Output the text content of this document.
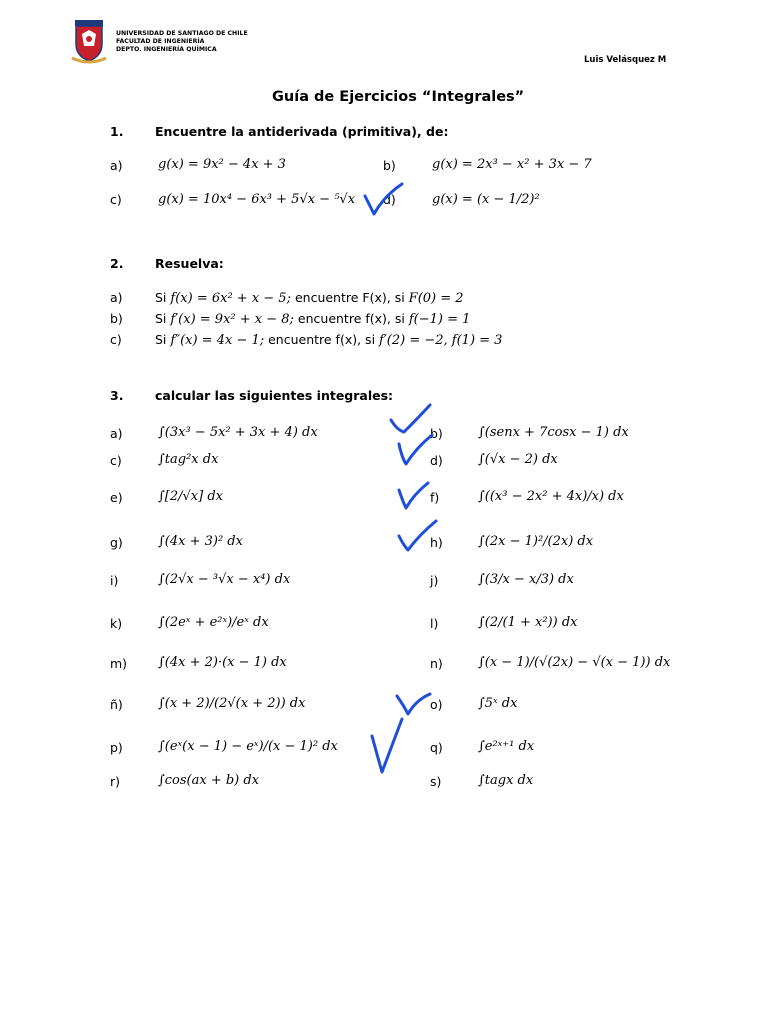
UNIVERSIDAD DE SANTIAGO DE CHILE
FACULTAD DE INGENIERÍA
DEPTO. INGENIERÍA QUÍMICA
Luis Velásquez M
Guía de Ejercicios “Integrales”
1.	Encuentre la antiderivada (primitiva), de:
a)	g(x) = 9x² − 4x + 3	b)	g(x) = 2x³ − x² + 3x − 7
c)	g(x) = 10x⁴ − 6x³ + 5√x − ⁵√x d)	g(x) = (x − 1/2)²
2.	Resuelva:
a)	Si f(x) = 6x² + x − 5; encuentre F(x), si F(0) = 2
b)	Si f′(x) = 9x² + x − 8; encuentre f(x), si f(−1) = 1
c)	Si f″(x) = 4x − 1; encuentre f(x), si f′(2) = −2, f(1) = 3
3.	calcular las siguientes integrales:
a)	∫(3x³ − 5x² + 3x + 4) dx	b)	∫(senx + 7cosx − 1) dx
c)	∫tag²x dx	d)	∫(√x − 2) dx
e)	∫[2/√x] dx	f)	∫((x³ − 2x² + 4x)/x) dx
g)	∫(4x + 3)² dx	h)	∫(2x − 1)²/(2x) dx
i)	∫(2√x − ³√x − x⁴) dx	j)	∫(3/x − x/3) dx
k)	∫(2eˣ + e²ˣ)/eˣ dx	l)	∫(2/(1 + x²)) dx
m) ∫(4x + 2)·(x − 1) dx	n)	∫(x − 1)/(√(2x) − √(x − 1)) dx
ñ)	∫(x + 2)/(2√(x + 2)) dx	o)	∫5ˣ dx
p)	∫(eˣ(x − 1) − eˣ)/(x − 1)² dx	q)	∫e²ˣ⁺¹ dx
r)	∫cos(ax + b) dx	s)	∫tagx dx
